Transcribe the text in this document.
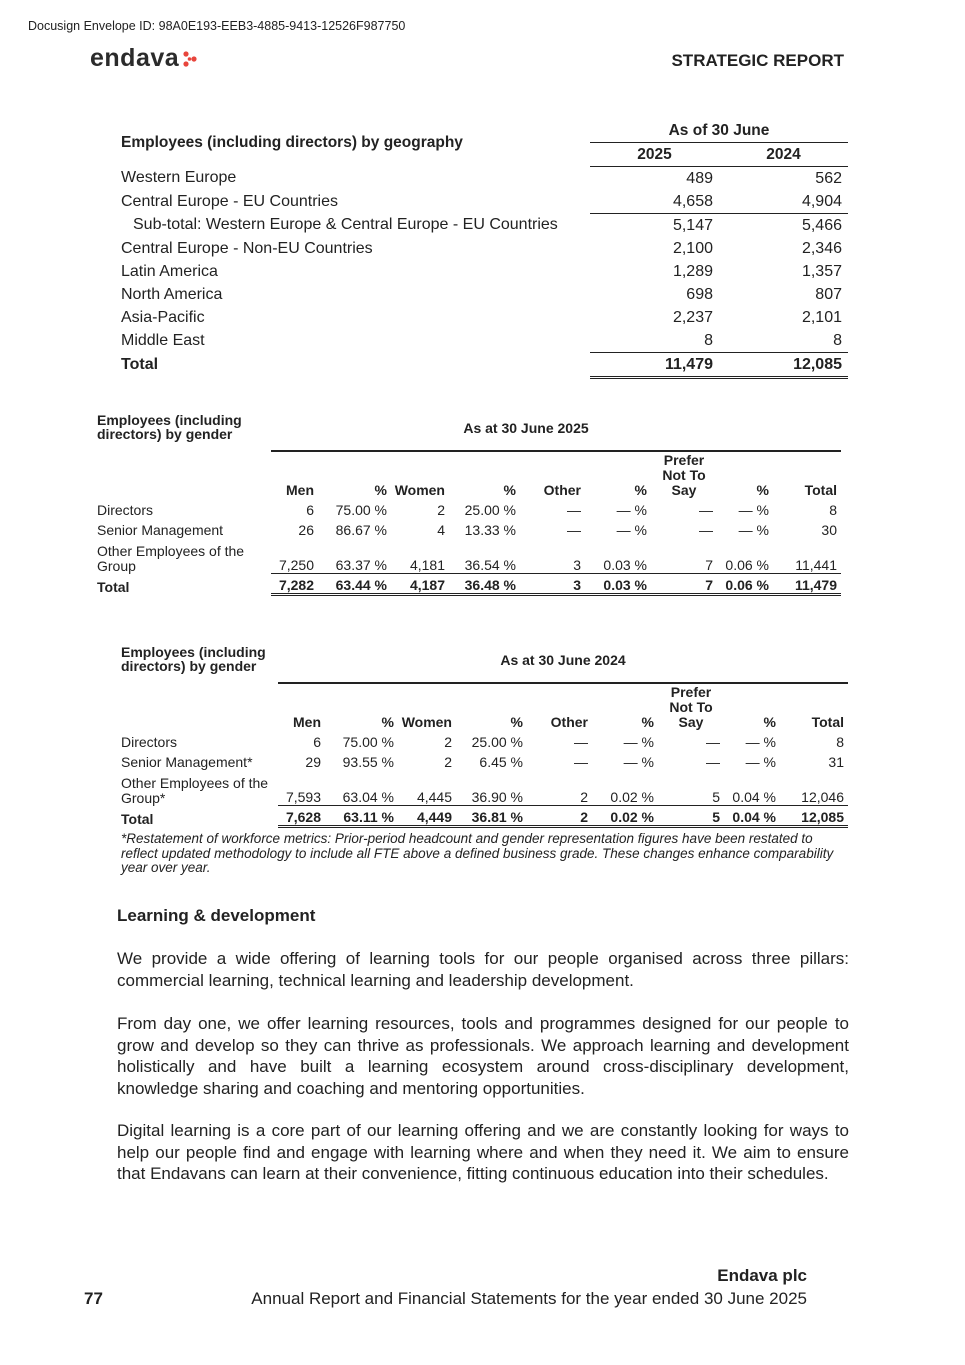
Docusign Envelope ID: 98A0E193-EEB3-4885-9413-12526F987750
endava	STRATEGIC REPORT
Employees (including directors) by geography	As of 30 June	
	2025	2024
Western Europe	489	562
Central Europe - EU Countries	4,658	4,904
Sub-total: Western Europe & Central Europe - EU Countries	5,147	5,466
Central Europe - Non-EU Countries	2,100	2,346
Latin America	1,289	1,357
North America	698	807
Asia-Pacific	2,237	2,101
Middle East	8	8
Total	11,479	12,085
Employees (including directors) by gender	As at 30 June 2025
	Men	%	Women	%	Other	%	Prefer Not To Say	%	Total
Directors	6	75.00 %	2	25.00 %	—	— %	—	— %	8
Senior Management	26	86.67 %	4	13.33 %	—	— %	—	— %	30
Other Employees of the Group	7,250	63.37 %	4,181	36.54 %	3	0.03 %	7	0.06 %	11,441
Total	7,282	63.44 %	4,187	36.48 %	3	0.03 %	7	0.06 %	11,479
Employees (including directors) by gender	As at 30 June 2024
	Men	%	Women	%	Other	%	Prefer Not To Say	%	Total
Directors	6	75.00 %	2	25.00 %	—	— %	—	— %	8
Senior Management*	29	93.55 %	2	6.45 %	—	— %	—	— %	31
Other Employees of the Group*	7,593	63.04 %	4,445	36.90 %	2	0.02 %	5	0.04 %	12,046
Total	7,628	63.11 %	4,449	36.81 %	2	0.02 %	5	0.04 %	12,085
*Restatement of workforce metrics: Prior-period headcount and gender representation figures have been restated to reflect updated methodology to include all FTE above a defined business grade. These changes enhance comparability year over year.
Learning & development
We provide a wide offering of learning tools for our people organised across three pillars: commercial learning, technical learning and leadership development.
From day one, we offer learning resources, tools and programmes designed for our people to grow and develop so they can thrive as professionals. We approach learning and development holistically and have built a learning ecosystem around cross-disciplinary development, knowledge sharing and coaching and mentoring opportunities.
Digital learning is a core part of our learning offering and we are constantly looking for ways to help our people find and engage with learning where and when they need it. We aim to ensure that Endavans can learn at their convenience, fitting continuous education into their schedules.
Endava plc
77	Annual Report and Financial Statements for the year ended 30 June 2025
